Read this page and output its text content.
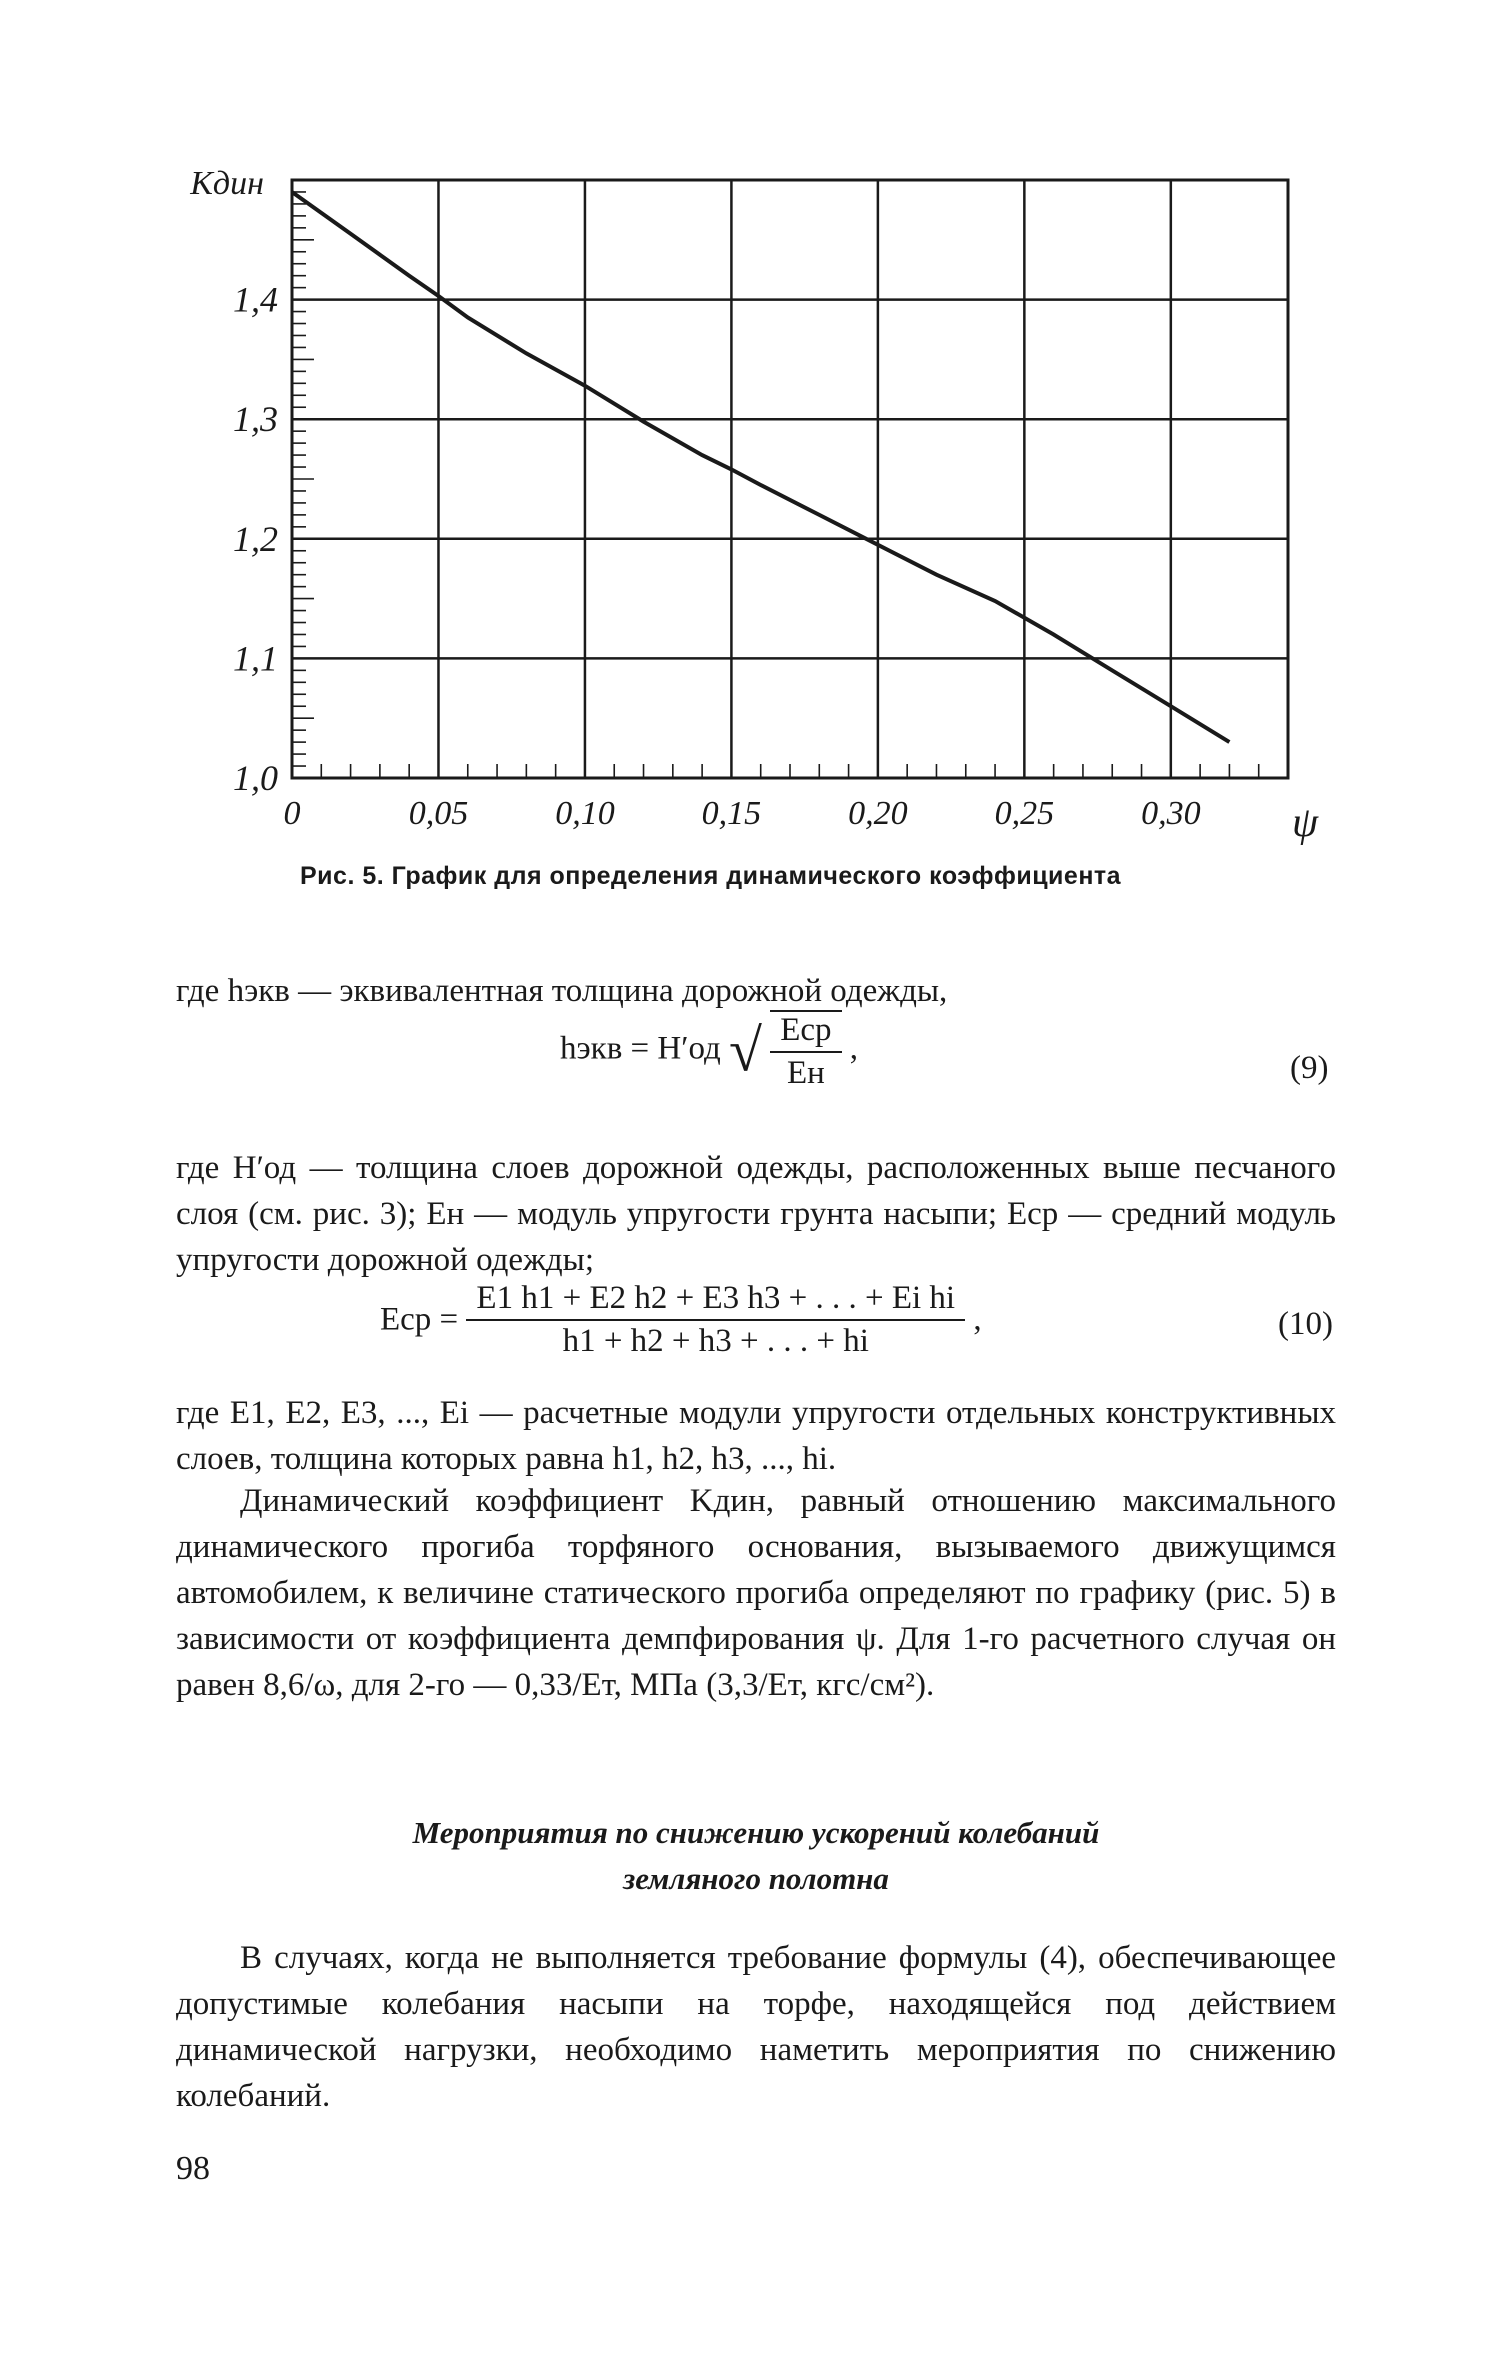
1,0
1,1
1,2
1,3
1,4
0	0,05	0,10	0,15	0,20	0,25	0,30
Kдин
ψ
Рис. 5. График для определения динамического коэффициента
где hэкв — эквивалентная толщина дорожной одежды,
hэкв = H′од √ $\frac{\text{Eср}}{Eн}$ ,
(9)
где H′од — толщина слоев дорожной одежды, расположенных выше песчаного слоя (см. рис. 3); Eн — модуль упругости грунта насыпи; Eср — средний модуль упругости дорожной одежды;
Eср = $\frac{\text{E1 h1 + E2 h2 + E3 h3 + . . . + Ei hi}}{h1 + h2 + h3 + . . . + hi}$ ,	(10)
где E1, E2, E3, ..., Ei — расчетные модули упругости отдельных конструктивных слоев, толщина которых равна h1, h2, h3, ..., hi.
Динамический коэффициент Kдин, равный отношению максимального динамического прогиба торфяного основания, вызываемого движущимся автомобилем, к величине статического прогиба определяют по графику (рис. 5) в зависимости от коэффициента демпфирования ψ. Для 1-го расчетного случая он равен 8,6/ω, для 2-го — 0,33/Eт, МПа (3,3/Eт, кгс/см²).
Мероприятия по снижению ускорений колебаний
земляного полотна
В случаях, когда не выполняется требование формулы (4), обеспечивающее допустимые колебания насыпи на торфе, находящейся под действием динамической нагрузки, необходимо наметить мероприятия по снижению колебаний.
98
